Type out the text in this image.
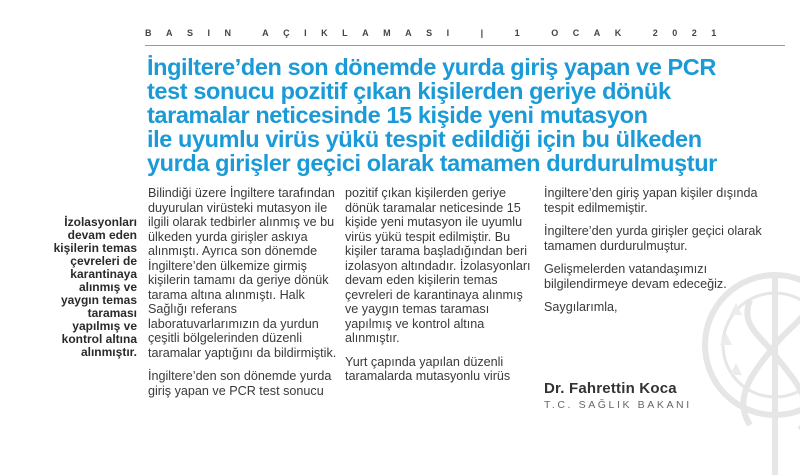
BASIN AÇIKLAMASI | 1 OCAK 2021
İngiltere’den son dönemde yurda giriş yapan ve PCR
test sonucu pozitif çıkan kişilerden geriye dönük
taramalar neticesinde 15 kişide yeni mutasyon
ile uyumlu virüs yükü tespit edildiği için bu ülkeden
yurda girişler geçici olarak tamamen durdurulmuştur
İzolasyonları devam eden kişilerin temas çevreleri de karantinaya alınmış ve yaygın temas taraması yapılmış ve kontrol altına alınmıştır.

Bilindiği üzere İngiltere tarafından duyurulan virüsteki mutasyon ile ilgili olarak tedbirler alınmış ve bu ülkeden yurda girişler askıya alınmıştı. Ayrıca son dönemde İngiltere’den ülkemize girmiş kişilerin tamamı da geriye dönük tarama altına alınmıştı. Halk Sağlığı referans laboratuvarlarımızın da yurdun çeşitli bölgelerinden düzenli taramalar yaptığını da bildirmiştik.

İngiltere’den son dönemde yurda giriş yapan ve PCR test sonucu

pozitif çıkan kişilerden geriye dönük taramalar neticesinde 15 kişide yeni mutasyon ile uyumlu virüs yükü tespit edilmiştir. Bu kişiler tarama başladığından beri izolasyon altındadır. İzolasyonları devam eden kişilerin temas çevreleri de karantinaya alınmış ve yaygın temas taraması yapılmış ve kontrol altına alınmıştır.

Yurt çapında yapılan düzenli taramalarda mutasyonlu virüs

İngiltere’den giriş yapan kişiler dışında tespit edilmemiştir.

İngiltere’den yurda girişler geçici olarak tamamen durdurulmuştur.

Gelişmelerden vatandaşımızı bilgilendirmeye devam edeceğiz.

Saygılarımla,

Dr. Fahrettin Koca
T.C. SAĞLIK BAKANI
